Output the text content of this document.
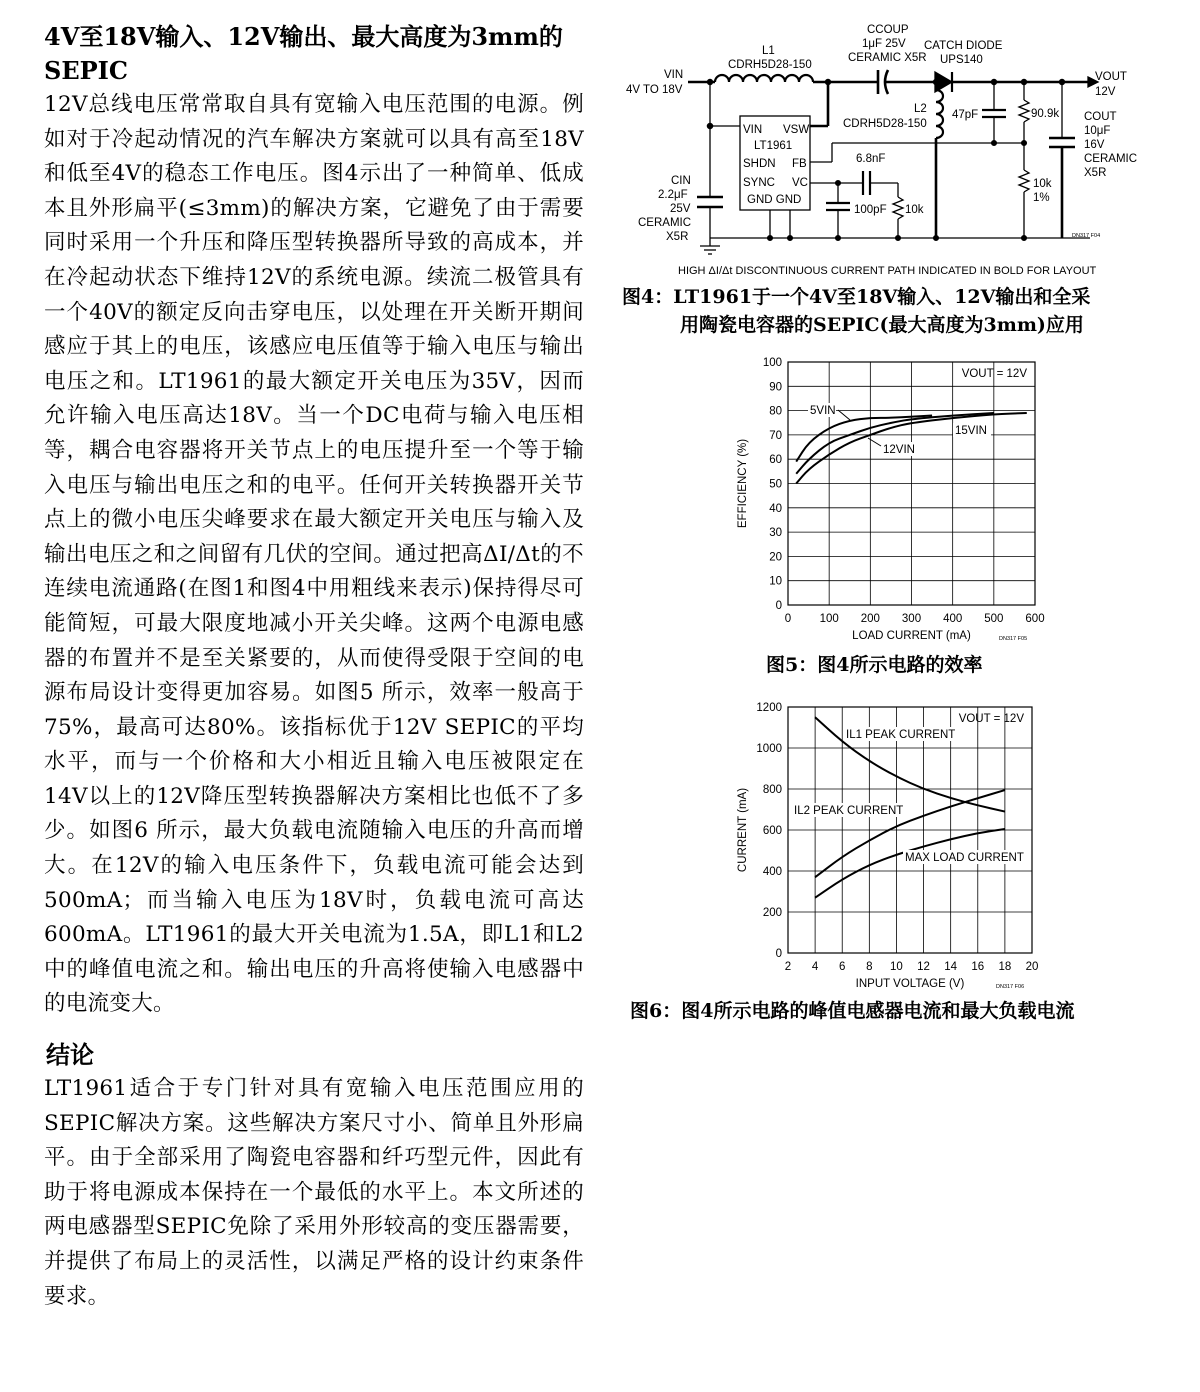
4V至18V输入、12V输出、最大高度为3mm的SEPIC

12V总线电压常常取自具有宽输入电压范围的电源。例如对于冷起动情况的汽车解决方案就可以具有高至18V和低至4V的稳态工作电压。图4示出了一种简单、低成本且外形扁平(≤3mm)的解决方案，它避免了由于需要同时采用一个升压和降压型转换器所导致的高成本，并在冷起动状态下维持12V的系统电源。续流二极管具有一个40V的额定反向击穿电压，以处理在开关断开期间感应于其上的电压，该感应电压值等于输入电压与输出电压之和。LT1961的最大额定开关电压为35V，因而允许输入电压高达18V。当一个DC电荷与输入电压相等，耦合电容器将开关节点上的电压提升至一个等于输入电压与输出电压之和的电平。任何开关转换器开关节点上的微小电压尖峰要求在最大额定开关电压与输入及输出电压之和之间留有几伏的空间。通过把高ΔI/Δt的不连续电流通路(在图1和图4中用粗线来表示)保持得尽可能简短，可最大限度地减小开关尖峰。这两个电源电感器的布置并不是至关紧要的，从而使得受限于空间的电源布局设计变得更加容易。如图5 所示，效率一般高于75%，最高可达80%。该指标优于12V SEPIC的平均水平，而与一个价格和大小相近且输入电压被限定在14V以上的12V降压型转换器解决方案相比也低不了多少。如图6 所示，最大负载电流随输入电压的升高而增大。在12V的输入电压条件下，负载电流可能会达到500mA；而当输入电压为18V时，负载电流可高达600mA。LT1961的最大开关电流为1.5A，即L1和L2中的峰值电流之和。输出电压的升高将使输入电感器中的电流变大。

结论

LT1961适合于专门针对具有宽输入电压范围应用的SEPIC解决方案。这些解决方案尺寸小、简单且外形扁平。由于全部采用了陶瓷电容器和纤巧型元件，因此有助于将电源成本保持在一个最低的水平上。本文所述的两电感器型SEPIC免除了采用外形较高的变压器需要，并提供了布局上的灵活性，以满足严格的设计约束条件要求。

L1
CDRH5D28-150
CCOUP
1μF 25V
CERAMIC X5R
CATCH DIODE
UPS140
VIN
4V TO 18V
VOUT
12V
L2
CDRH5D28-150
47pF	90.9k COUT
10μF
16V
CERAMIC
X5R
VIN VSW
LT1961
SHDN FB
SYNC VC
GND GND
6.8nF
100pF 10k
10k
1%
CIN
2.2μF
25V
CERAMIC
X5R	DN317 F04
HIGH ΔI/Δt DISCONTINUOUS CURRENT PATH INDICATED IN BOLD FOR LAYOUT
图4：LT1961于一个4V至18V输入、12V输出和全采
用陶瓷电容器的SEPIC(最大高度为3mm)应用
0 100 200 300 400 500 600
0
10
20
30
40
50
60
70
80
90
100
LOAD CURRENT (mA)
EFFICIENCY (%)
VOUT = 12V
DN317 F05
5VIN
12VIN
15VIN
图5：图4所示电路的效率
2 4 6 8 10 12 14 16 18 20
0
200
400
600
800
1000
1200
INPUT VOLTAGE (V)
CURRENT (mA)
VOUT = 12V
DN317 F06
IL1 PEAK CURRENT
IL2 PEAK CURRENT
MAX LOAD CURRENT
图6：图4所示电路的峰值电感器电流和最大负载电流
